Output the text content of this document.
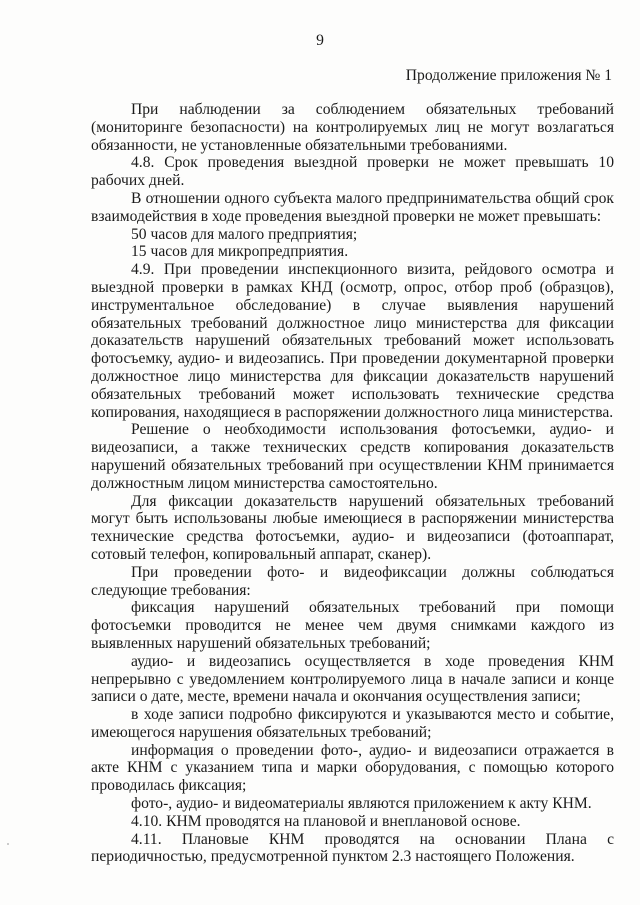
9
Продолжение приложения № 1

При наблюдении за соблюдением обязательных требований (мониторинге безопасности) на контролируемых лиц не могут возлагаться обязанности, не установленные обязательными требованиями.

4.8. Срок проведения выездной проверки не может превышать 10 рабочих дней.

В отношении одного субъекта малого предпринимательства общий срок взаимодействия в ходе проведения выездной проверки не может превышать:

50 часов для малого предприятия;

15 часов для микропредприятия.

4.9. При проведении инспекционного визита, рейдового осмотра и выездной проверки в рамках КНД (осмотр, опрос, отбор проб (образцов), инструментальное обследование) в случае выявления нарушений обязательных требований должностное лицо министерства для фиксации доказательств нарушений обязательных требований может использовать фотосъемку, аудио- и видеозапись. При проведении документарной проверки должностное лицо министерства для фиксации доказательств нарушений обязательных требований может использовать технические средства копирования, находящиеся в распоряжении должностного лица министерства.

Решение о необходимости использования фотосъемки, аудио- и видеозаписи, а также технических средств копирования доказательств нарушений обязательных требований при осуществлении КНМ принимается должностным лицом министерства самостоятельно.

Для фиксации доказательств нарушений обязательных требований могут быть использованы любые имеющиеся в распоряжении министерства технические средства фотосъемки, аудио- и видеозаписи (фотоаппарат, сотовый телефон, копировальный аппарат, сканер).

При проведении фото- и видеофиксации должны соблюдаться следующие требования:

фиксация нарушений обязательных требований при помощи фотосъемки проводится не менее чем двумя снимками каждого из выявленных нарушений обязательных требований;

аудио- и видеозапись осуществляется в ходе проведения КНМ непрерывно с уведомлением контролируемого лица в начале записи и конце записи о дате, месте, времени начала и окончания осуществления записи;

в ходе записи подробно фиксируются и указываются место и событие, имеющегося нарушения обязательных требований;

информация о проведении фото-, аудио- и видеозаписи отражается в акте КНМ с указанием типа и марки оборудования, с помощью которого проводилась фиксация;

фото-, аудио- и видеоматериалы являются приложением к акту КНМ.

4.10. КНМ проводятся на плановой и внеплановой основе.

4.11. Плановые КНМ проводятся на основании Плана с периодичностью, предусмотренной пунктом 2.3 настоящего Положения.
